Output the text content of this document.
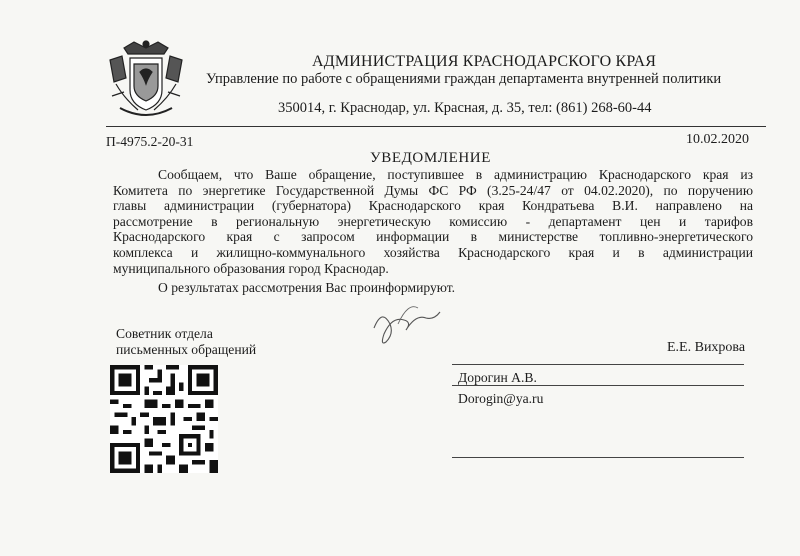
АДМИНИСТРАЦИЯ КРАСНОДАРСКОГО КРАЯ
Управление по работе с обращениями граждан департамента внутренней политики
350014, г. Краснодар, ул. Красная, д. 35, тел: (861) 268-60-44
П-4975.2-20-31	10.02.2020
УВЕДОМЛЕНИЕ
Сообщаем, что Ваше обращение, поступившее в администрацию Краснодарского края из
Комитета по энергетике Государственной Думы ФС РФ (3.25-24/47 от 04.02.2020), по поручению
главы администрации (губернатора) Краснодарского края Кондратьева В.И. направлено на
рассмотрение в региональную энергетическую комиссию - департамент цен и тарифов
Краснодарского края с запросом информации в министерстве топливно-энергетического
комплекса и жилищно-коммунального хозяйства Краснодарского края и в администрации
муниципального образования город Краснодар.
О результатах рассмотрения Вас проинформируют.
Советник отдела
письменных обращений	Е.Е. Вихрова
Дорогин А.В.
Dorogin@ya.ru
